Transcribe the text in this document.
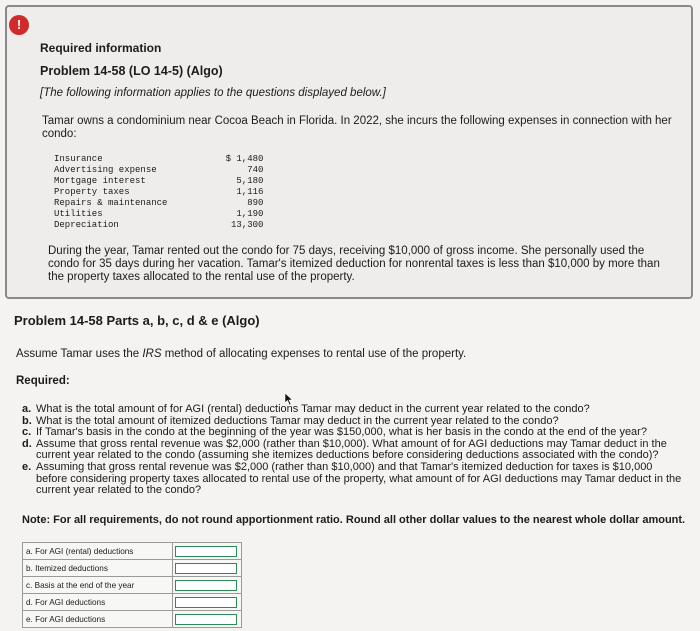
!
Required information
Problem 14-58 (LO 14-5) (Algo)
[The following information applies to the questions displayed below.]
Tamar owns a condominium near Cocoa Beach in Florida. In 2022, she incurs the following expenses in connection with her condo:
Insurance	$ 1,480
Advertising expense	740
Mortgage interest	5,180
Property taxes	1,116
Repairs & maintenance	890
Utilities	1,190
Depreciation	13,300
During the year, Tamar rented out the condo for 75 days, receiving $10,000 of gross income. She personally used the condo for 35 days during her vacation. Tamar's itemized deduction for nonrental taxes is less than $10,000 by more than the property taxes allocated to the rental use of the property.
Problem 14-58 Parts a, b, c, d & e (Algo)
Assume Tamar uses the IRS method of allocating expenses to rental use of the property.
Required:
a. What is the total amount of for AGI (rental) deductions Tamar may deduct in the current year related to the condo?
b. What is the total amount of itemized deductions Tamar may deduct in the current year related to the condo?
c. If Tamar's basis in the condo at the beginning of the year was $150,000, what is her basis in the condo at the end of the year?
d. Assume that gross rental revenue was $2,000 (rather than $10,000). What amount of for AGI deductions may Tamar deduct in the current year related to the condo (assuming she itemizes deductions before considering deductions associated with the condo)?
e. Assuming that gross rental revenue was $2,000 (rather than $10,000) and that Tamar's itemized deduction for taxes is $10,000 before considering property taxes allocated to rental use of the property, what amount of for AGI deductions may Tamar deduct in the current year related to the condo?
Note: For all requirements, do not round apportionment ratio. Round all other dollar values to the nearest whole dollar amount.
a. For AGI (rental) deductions	

b. Itemized deductions	

c. Basis at the end of the year	

d. For AGI deductions	

e. For AGI deductions	
